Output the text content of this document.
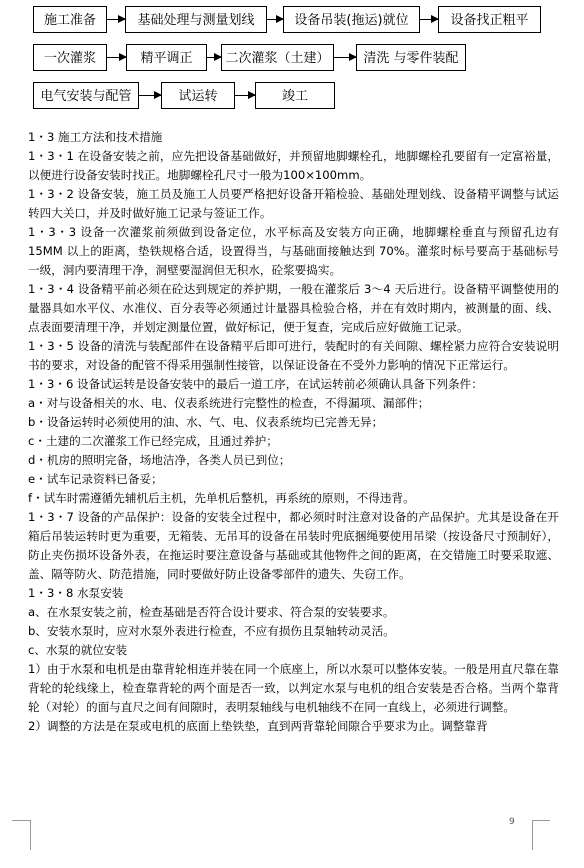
施工准备	基础处理与测量划线	设备吊装(拖运)就位	设备找正粗平
一次灌浆	精平调正	二次灌浆（土建）	清洗 与零件装配
电气安装与配管	试运转	竣工

1・3 施工方法和技术措施

1・3・1 在设备安装之前，应先把设备基础做好，并预留地脚螺栓孔，地脚螺栓孔要留有一定富裕量，以便进行设备安装时找正。地脚螺栓孔尺寸一般为100×100mm。

1・3・2 设备安装，施工员及施工人员要严格把好设备开箱检验、基础处理划线、设备精平调整与试运转四大关口，并及时做好施工记录与签证工作。

1・3・3 设备一次灌浆前须做到设备定位，水平标高及安装方向正确，地脚螺栓垂直与预留孔边有 15MM 以上的距离，垫铁规格合适，设置得当，与基础面接触达到 70%。灌浆时标号要高于基础标号一级，洞内要清理干净，洞壁要湿润但无积水，砼浆要捣实。

1・3・4 设备精平前必须在砼达到规定的养护期，一般在灌浆后 3～4 天后进行。设备精平调整使用的量器具如水平仪、水准仪、百分表等必须通过计量器具检验合格，并在有效时期内，被测量的面、线、点表面要清理干净，并划定测量位置，做好标记，便于复查，完成后应好做施工记录。

1・3・5 设备的清洗与装配部件在设备精平后即可进行，装配时的有关间隙、螺栓紧力应符合安装说明书的要求，对设备的配管不得采用强制性接管，以保证设备在不受外力影响的情况下正常运行。

1・3・6 设备试运转是设备安装中的最后一道工序，在试运转前必须确认具备下列条件：

a・对与设备相关的水、电、仪表系统进行完整性的检查，不得漏项、漏部件；

b・设备运转时必须使用的油、水、气、电、仪表系统均已完善无异；

c・土建的二次灌浆工作已经完成，且通过养护；

d・机房的照明完备，场地洁净，各类人员已到位；

e・试车记录资料已备妥；

f・试车时需遵循先辅机后主机，先单机后整机，再系统的原则，不得违背。

1・3・7 设备的产品保护：设备的安装全过程中，都必须时时注意对设备的产品保护。尤其是设备在开箱后吊装运转时更为重要，无箱装、无吊耳的设备在吊装时兜底捆绳要使用吊梁（按设备尺寸预制好），防止夹伤损坏设备外表，在拖运时要注意设备与基础或其他物件之间的距离，在交错施工时要采取遮、盖、隔等防火、防范措施，同时要做好防止设备零部件的遗失、失窃工作。

1・3・8 水泵安装

a、在水泵安装之前，检查基础是否符合设计要求、符合泵的安装要求。

b、安装水泵时，应对水泵外表进行检查，不应有损伤且泵轴转动灵活。

c、水泵的就位安装

1）由于水泵和电机是由靠背轮相连并装在同一个底座上，所以水泵可以整体安装。一般是用直尺靠在靠背轮的轮线缘上，检查靠背轮的两个面是否一致，以判定水泵与电机的组合安装是否合格。当两个靠背轮（对轮）的面与直尺之间有间隙时，表明泵轴线与电机轴线不在同一直线上，必须进行调整。

2）调整的方法是在泵或电机的底面上垫铁垫，直到两背靠轮间隙合乎要求为止。调整靠背

9
